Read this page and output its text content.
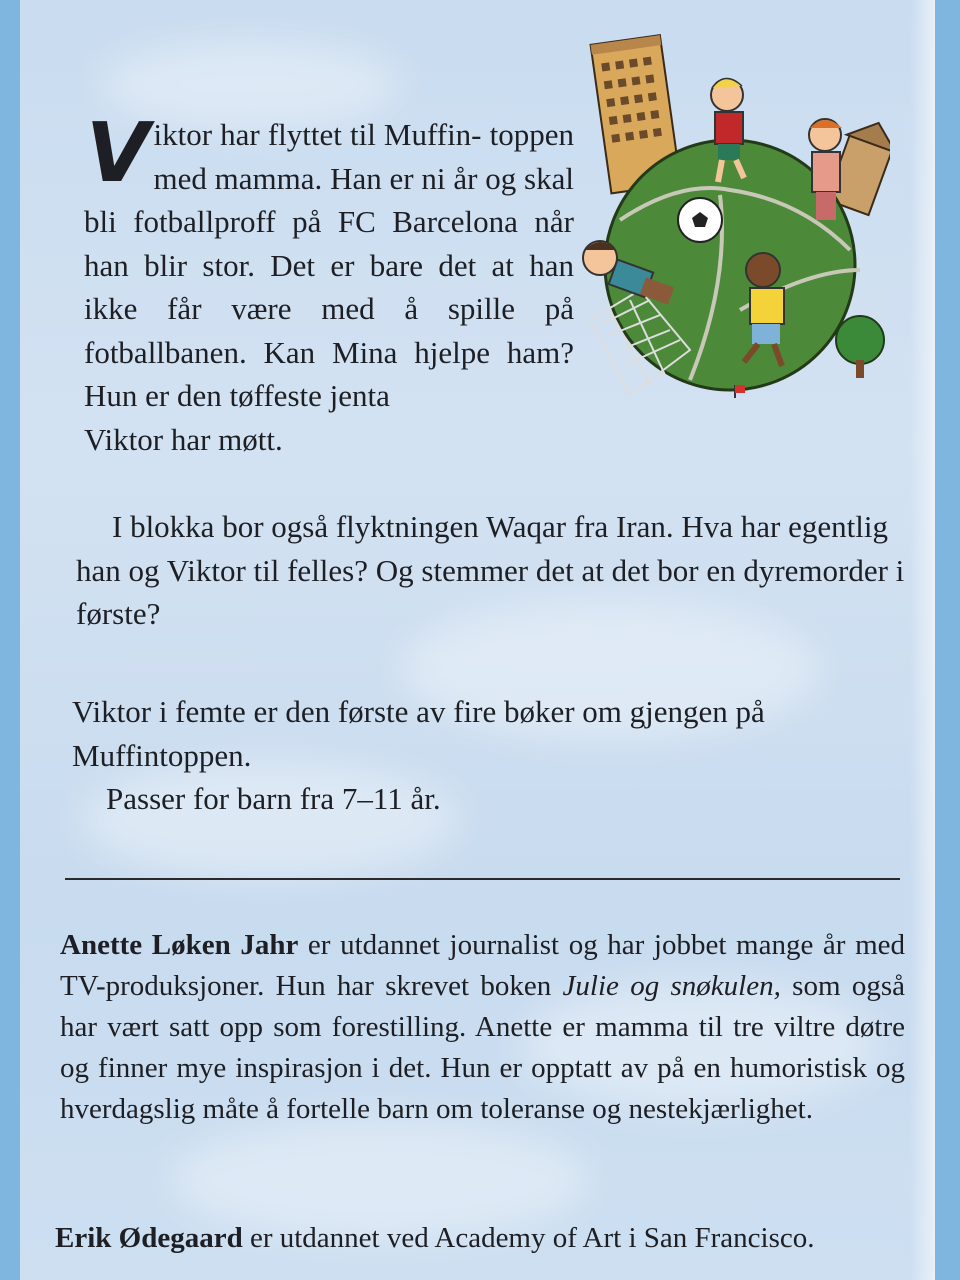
V iktor har flyttet til Muffin- toppen med mamma. Han er ni år og skal bli fotballproff på FC Barcelona når han blir stor. Det er bare det at han ikke får være med å spille på fotballbanen. Kan Mina hjelpe ham? Hun er den tøffeste jenta

Viktor har møtt.

I blokka bor også flyktningen Waqar fra Iran. Hva har egentlig han og Viktor til felles? Og stemmer det at det bor en dyremorder i første?

Viktor i femte er den første av fire bøker om gjengen på Muffintoppen.

Passer for barn fra 7–11 år.

Anette Løken Jahr er utdannet journalist og har jobbet mange år med TV-produksjoner. Hun har skrevet boken Julie og snøkulen, som også har vært satt opp som forestilling. Anette er mamma til tre viltre døtre og finner mye inspirasjon i det. Hun er opptatt av på en humoristisk og hverdagslig måte å fortelle barn om toleranse og nestekjærlighet.

Erik Ødegaard er utdannet ved Academy of Art i San Francisco.
